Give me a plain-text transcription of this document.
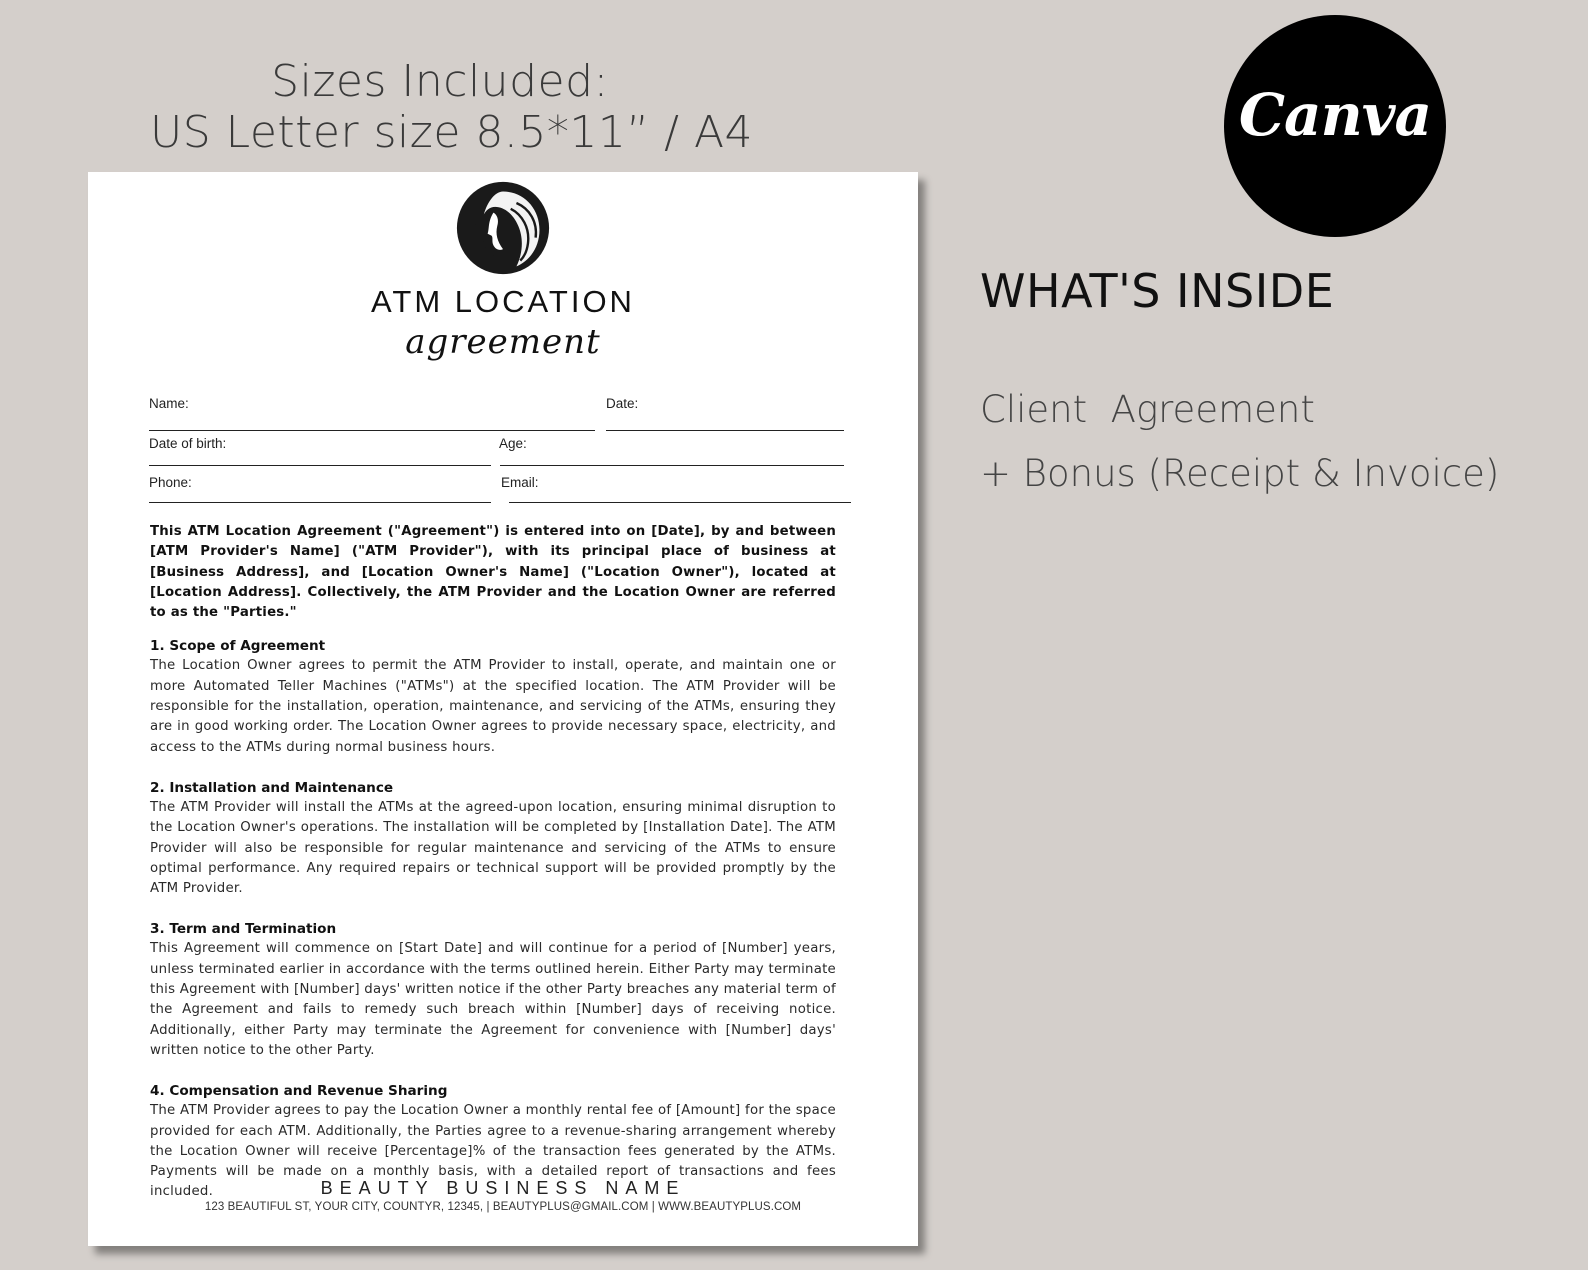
Sizes Included:
US Letter size 8.5*11” / A4	Canva
WHAT'S INSIDE
Client  Agreement
+ Bonus (Receipt & Invoice)
ATM LOCATION
agreement
Name:	Date:
Date of birth:	Age:
Phone:	Email:
This ATM Location Agreement ("Agreement") is entered into on [Date], by and between [ATM Provider's Name] ("ATM Provider"), with its principal place of business at [Business Address], and [Location Owner's Name] ("Location Owner"), located at [Location Address]. Collectively, the ATM Provider and the Location Owner are referred to as the "Parties."
1. Scope of Agreement

The Location Owner agrees to permit the ATM Provider to install, operate, and maintain one or more Automated Teller Machines ("ATMs") at the specified location. The ATM Provider will be responsible for the installation, operation, maintenance, and servicing of the ATMs, ensuring they are in good working order. The Location Owner agrees to provide necessary space, electricity, and access to the ATMs during normal business hours.

2. Installation and Maintenance

The ATM Provider will install the ATMs at the agreed-upon location, ensuring minimal disruption to the Location Owner's operations. The installation will be completed by [Installation Date]. The ATM Provider will also be responsible for regular maintenance and servicing of the ATMs to ensure optimal performance. Any required repairs or technical support will be provided promptly by the ATM Provider.

3. Term and Termination

This Agreement will commence on [Start Date] and will continue for a period of [Number] years, unless terminated earlier in accordance with the terms outlined herein. Either Party may terminate this Agreement with [Number] days' written notice if the other Party breaches any material term of the Agreement and fails to remedy such breach within [Number] days of receiving notice. Additionally, either Party may terminate the Agreement for convenience with [Number] days' written notice to the other Party.

4. Compensation and Revenue Sharing

The ATM Provider agrees to pay the Location Owner a monthly rental fee of [Amount] for the space provided for each ATM. Additionally, the Parties agree to a revenue-sharing arrangement whereby the Location Owner will receive [Percentage]% of the transaction fees generated by the ATMs. Payments will be made on a monthly basis, with a detailed report of transactions and fees included.	BEAUTY BUSINESS NAME
123 BEAUTIFUL ST, YOUR CITY, COUNTYR, 12345, | BEAUTYPLUS@GMAIL.COM | WWW.BEAUTYPLUS.COM
